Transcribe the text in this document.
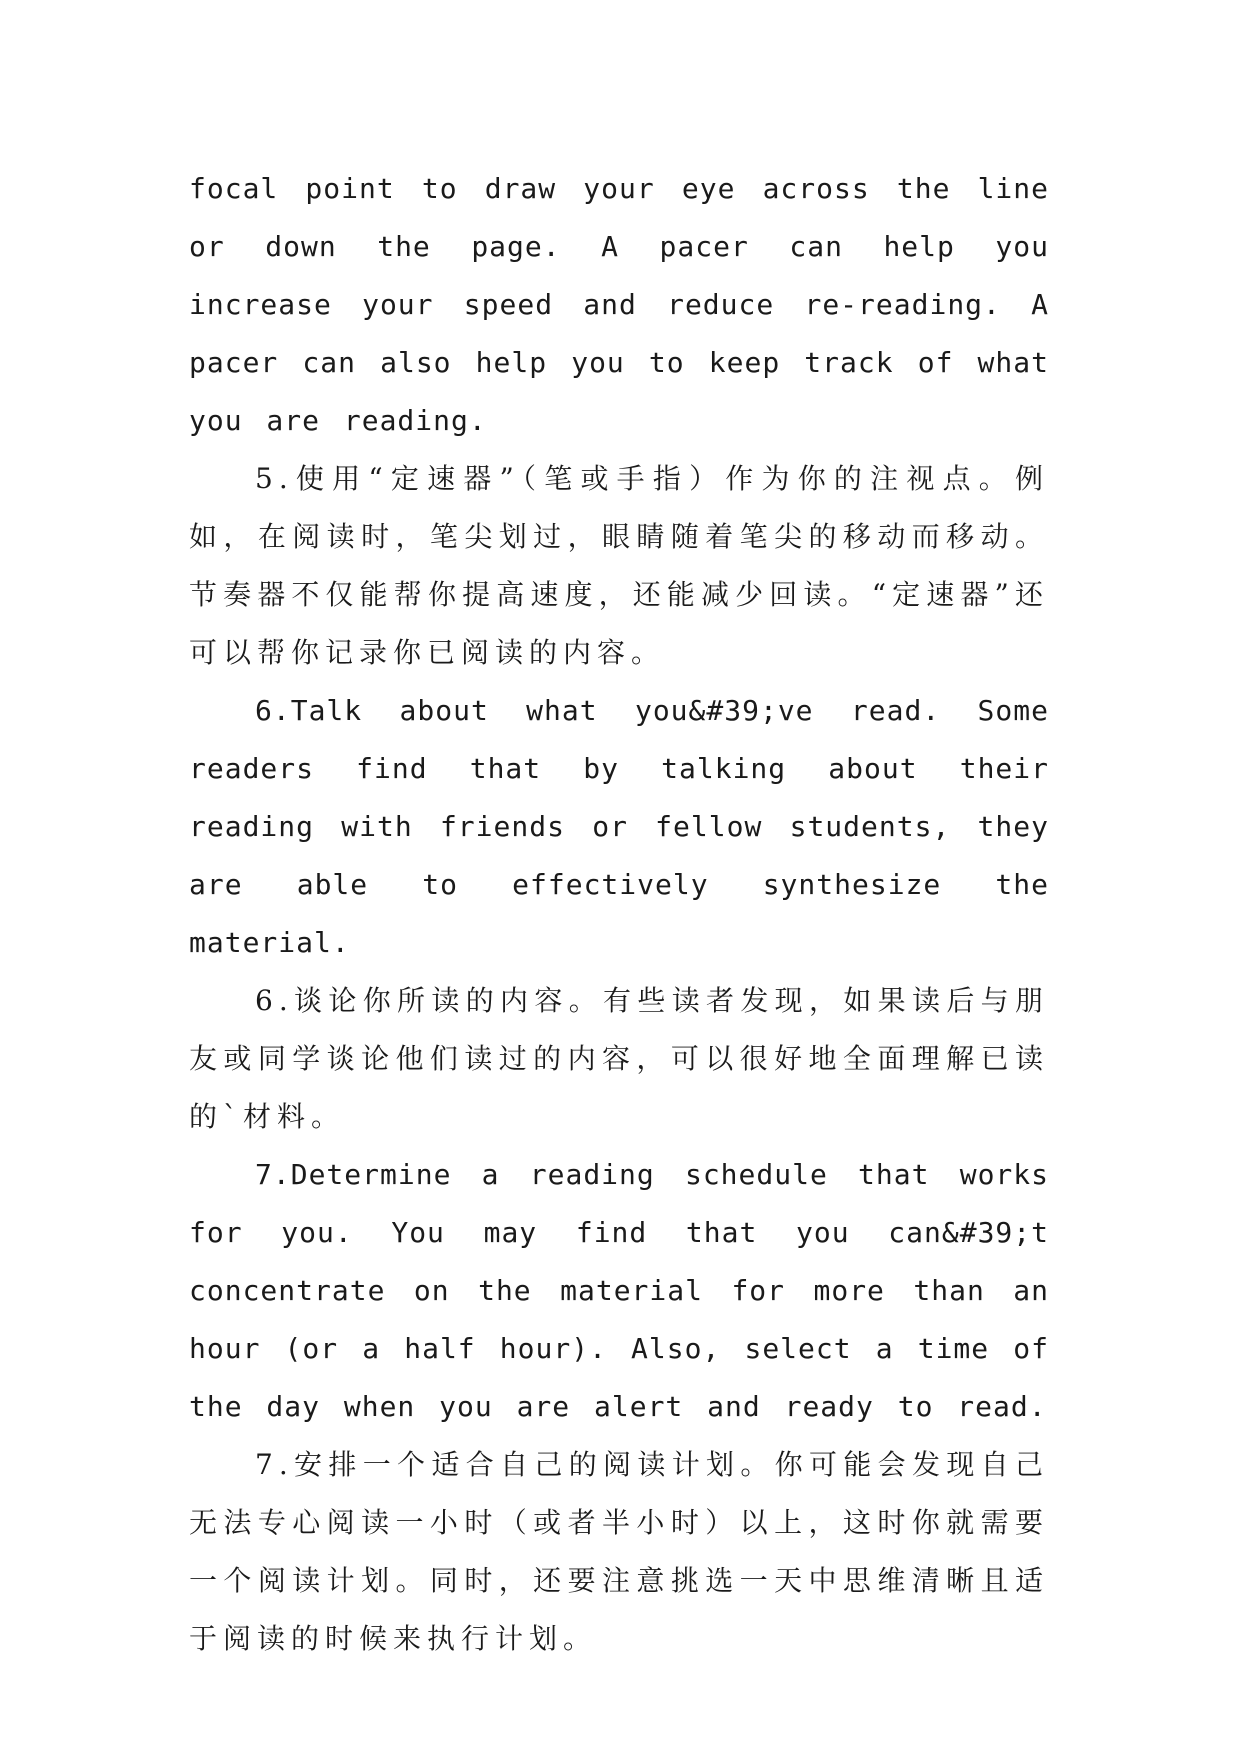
focal point to draw your eye across the line or down the page. A pacer can help you increase your speed and reduce re-reading. A pacer can also help you to keep track of what you are reading.

5.使用“定速器”（笔或手指）作为你的注视点。例如，在阅读时，笔尖划过，眼睛随着笔尖的移动而移动。节奏器不仅能帮你提高速度，还能减少回读。“定速器”还可以帮你记录你已阅读的内容。

6.Talk about what you&#39;ve read. Some readers find that by talking about their reading with friends or fellow students, they are able to effectively synthesize the material.

6.谈论你所读的内容。有些读者发现，如果读后与朋友或同学谈论他们读过的内容，可以很好地全面理解已读的`材料。

7.Determine a reading schedule that works for you. You may find that you can&#39;t concentrate on the material for more than an hour (or a half hour). Also, select a time of the day when you are alert and ready to read.

7.安排一个适合自己的阅读计划。你可能会发现自己无法专心阅读一小时（或者半小时）以上，这时你就需要一个阅读计划。同时，还要注意挑选一天中思维清晰且适于阅读的时候来执行计划。
